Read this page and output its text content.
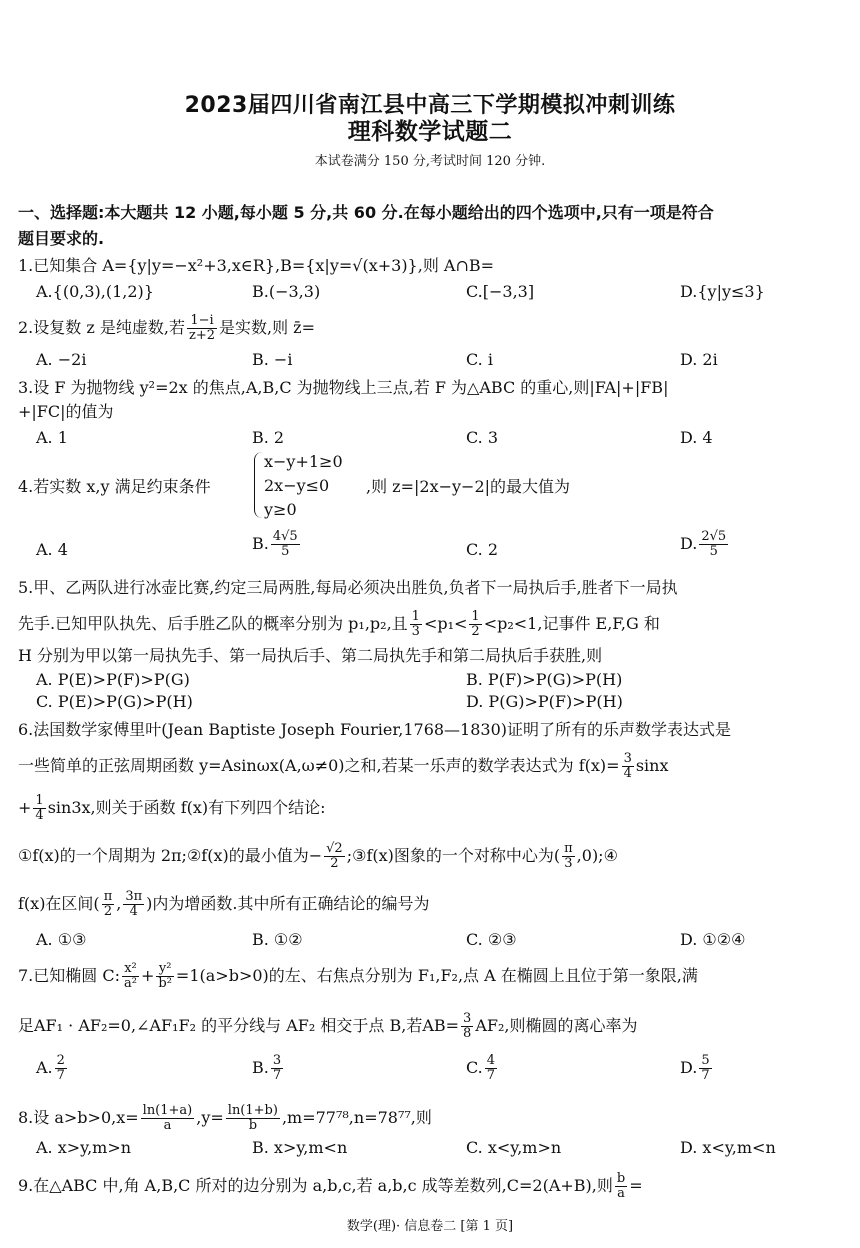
2023届四川省南江县中高三下学期模拟冲刺训练
理科数学试题二
本试卷满分 150 分,考试时间 120 分钟.
一、选择题:本大题共 12 小题,每小题 5 分,共 60 分.在每小题给出的四个选项中,只有一项是符合
题目要求的.
1.已知集合 A={y|y=−x²+3,x∈R},B={x|y=√(x+3)},则 A∩B=
A.{(0,3),(1,2)}	B.(−3,3)	C.[−3,3]	D.{y|y≤3}
2.设复数 z 是纯虚数,若 $\frac{1-i}{z+2}$ 是实数,则 z̄=
A. −2i	B. −i	C. i	D. 2i
3.设 F 为抛物线 y²=2x 的焦点,A,B,C 为抛物线上三点,若 F 为△ABC 的重心,则|FA|+|FB|
+|FC|的值为
A. 1	B. 2	C. 3	D. 4
4.若实数 x,y 满足约束条件
x−y+1≥0
2x−y≤0
y≥0
,则 z=|2x−y−2|的最大值为
A. 4	B. $\frac{4√5}{5}$	C. 2	D. $\frac{2√5}{5}$
5.甲、乙两队进行冰壶比赛,约定三局两胜,每局必须决出胜负,负者下一局执后手,胜者下一局执
先手.已知甲队执先、后手胜乙队的概率分别为 p₁,p₂,且 $\frac{1}{3} <p_1< \frac{1}{2} <p_2<1$,记事件 E,F,G 和
H 分别为甲以第一局执先手、第一局执后手、第二局执先手和第二局执后手获胜,则
A. P(E)>P(F)>P(G)	B. P(F)>P(G)>P(H)
C. P(E)>P(G)>P(H)	D. P(G)>P(F)>P(H)
6.法国数学家傅里叶(Jean Baptiste Joseph Fourier,1768—1830)证明了所有的乐声数学表达式是
一些简单的正弦周期函数 y=Asinωx(A,ω≠0)之和,若某一乐声的数学表达式为 $f(x)= \frac{3}{4}$ sinx
+ $\frac{1}{4} \sin 3x$,则关于函数 f(x)有下列四个结论:
①f(x)的一个周期为 2π;②f(x)的最小值为− $\frac{√2}{2}$ ;③f(x)图象的一个对称中心为( $\frac{\pi}{3}$ ,0);④
f(x)在区间( $\frac{\pi}{2}$ , $\frac{3\pi}{4}$ )内为增函数.其中所有正确结论的编号为
A. ①③	B. ①②	C. ②③	D. ①②④
7.已知椭圆 C: $\frac{\text{x²}}{\text{a²}} + \frac{\text{y²}}{\text{b²}} =1(a>b>0)$的左、右焦点分别为 F₁,F₂,点 A 在椭圆上且位于第一象限,满
足AF₁ · AF₂=0,∠AF₁F₂ 的平分线与 AF₂ 相交于点 B,若$AB= \frac{3}{8} AF_2$,则椭圆的离心率为
A. $\frac{2}{7}$	B. $\frac{3}{7}$	C. $\frac{4}{7}$	D. $\frac{5}{7}$
8.设 $a>b>0,x= \frac{\ln(1+a)}{a} ,y= \frac{\ln(1+b)}{b} ,m=77^{78},n=78^{77}$,则
A. x>y,m>n	B. x>y,m<n	C. x<y,m>n	D. x<y,m<n
9.在△ABC 中,角 A,B,C 所对的边分别为 a,b,c,若 a,b,c 成等差数列,C=2(A+B),则 $\frac{b}{a}$ =
数学(理)· 信息卷二 [第 1 页]
